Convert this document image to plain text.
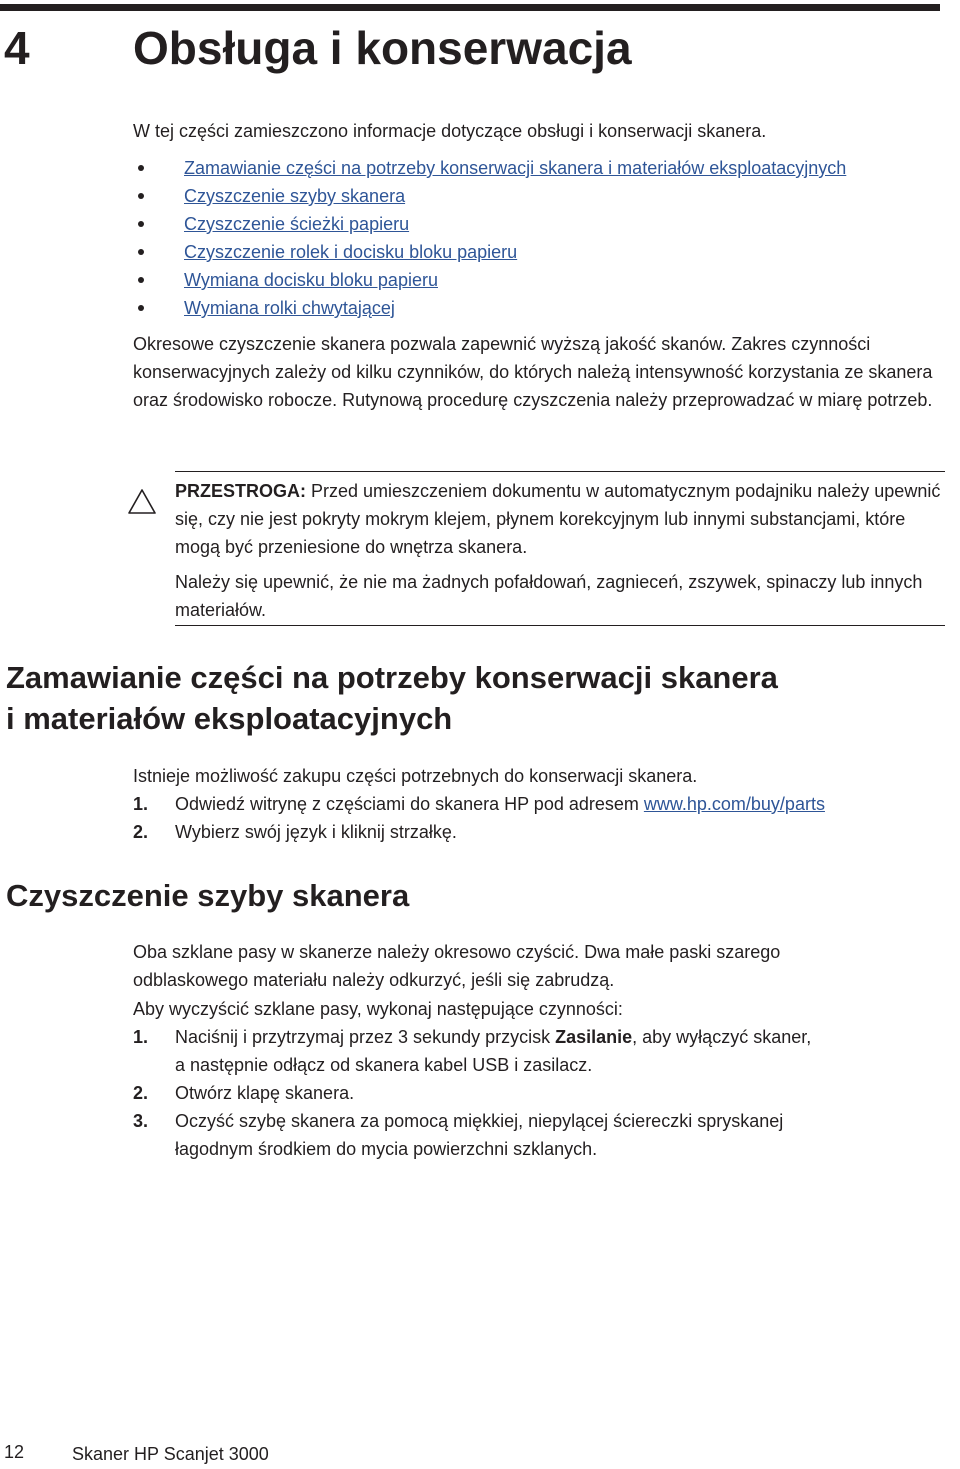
4 Obsługa i konserwacja
W tej części zamieszczono informacje dotyczące obsługi i konserwacji skanera.
Zamawianie części na potrzeby konserwacji skanera i materiałów eksploatacyjnych
Czyszczenie szyby skanera
Czyszczenie ścieżki papieru
Czyszczenie rolek i docisku bloku papieru
Wymiana docisku bloku papieru
Wymiana rolki chwytającej
Okresowe czyszczenie skanera pozwala zapewnić wyższą jakość skanów. Zakres czynności konserwacyjnych zależy od kilku czynników, do których należą intensywność korzystania ze skanera oraz środowisko robocze. Rutynową procedurę czyszczenia należy przeprowadzać w miarę potrzeb.
PRZESTROGA: Przed umieszczeniem dokumentu w automatycznym podajniku należy upewnić się, czy nie jest pokryty mokrym klejem, płynem korekcyjnym lub innymi substancjami, które mogą być przeniesione do wnętrza skanera.
Należy się upewnić, że nie ma żadnych pofałdowań, zagnieceń, zszywek, spinaczy lub innych materiałów.
Zamawianie części na potrzeby konserwacji skanera
i materiałów eksploatacyjnych
Istnieje możliwość zakupu części potrzebnych do konserwacji skanera.
1. Odwiedź witrynę z częściami do skanera HP pod adresem www.hp.com/buy/parts
2. Wybierz swój język i kliknij strzałkę.
Czyszczenie szyby skanera
Oba szklane pasy w skanerze należy okresowo czyścić. Dwa małe paski szarego
odblaskowego materiału należy odkurzyć, jeśli się zabrudzą.
Aby wyczyścić szklane pasy, wykonaj następujące czynności:
1. Naciśnij i przytrzymaj przez 3 sekundy przycisk Zasilanie, aby wyłączyć skaner,
a następnie odłącz od skanera kabel USB i zasilacz.
2. Otwórz klapę skanera.
3. Oczyść szybę skanera za pomocą miękkiej, niepylącej ściereczki spryskanej
łagodnym środkiem do mycia powierzchni szklanych.
12	Skaner HP Scanjet 3000
